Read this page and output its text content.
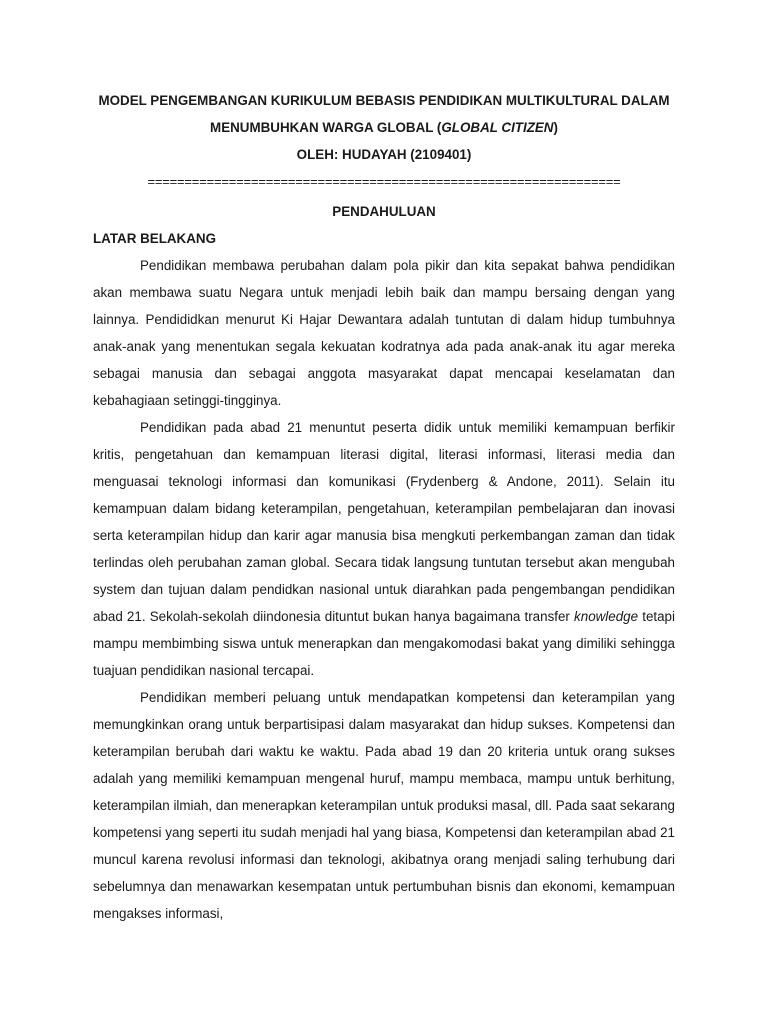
MODEL PENGEMBANGAN KURIKULUM BEBASIS PENDIDIKAN MULTIKULTURAL DALAM
MENUMBUHKAN WARGA GLOBAL (GLOBAL CITIZEN)
OLEH: HUDAYAH (2109401)
================================================================
PENDAHULUAN
LATAR BELAKANG

Pendidikan membawa perubahan dalam pola pikir dan kita sepakat bahwa pendidikan akan membawa suatu Negara untuk menjadi lebih baik dan mampu bersaing dengan yang lainnya. Pendididkan menurut Ki Hajar Dewantara adalah tuntutan di dalam hidup tumbuhnya anak-anak yang menentukan segala kekuatan kodratnya ada pada anak-anak itu agar mereka sebagai manusia dan sebagai anggota masyarakat dapat mencapai keselamatan dan kebahagiaan setinggi-tingginya.

Pendidikan pada abad 21 menuntut peserta didik untuk memiliki kemampuan berfikir kritis, pengetahuan dan kemampuan literasi digital, literasi informasi, literasi media dan menguasai teknologi informasi dan komunikasi (Frydenberg & Andone, 2011). Selain itu kemampuan dalam bidang keterampilan, pengetahuan, keterampilan pembelajaran dan inovasi serta keterampilan hidup dan karir agar manusia bisa mengkuti perkembangan zaman dan tidak terlindas oleh perubahan zaman global. Secara tidak langsung tuntutan tersebut akan mengubah system dan tujuan dalam pendidkan nasional untuk diarahkan pada pengembangan pendidikan abad 21. Sekolah-sekolah diindonesia dituntut bukan hanya bagaimana transfer knowledge tetapi mampu membimbing siswa untuk menerapkan dan mengakomodasi bakat yang dimiliki sehingga tuajuan pendidikan nasional tercapai.

Pendidikan memberi peluang untuk mendapatkan kompetensi dan keterampilan yang memungkinkan orang untuk berpartisipasi dalam masyarakat dan hidup sukses. Kompetensi dan keterampilan berubah dari waktu ke waktu. Pada abad 19 dan 20 kriteria untuk orang sukses adalah yang memiliki kemampuan mengenal huruf, mampu membaca, mampu untuk berhitung, keterampilan ilmiah, dan menerapkan keterampilan untuk produksi masal, dll. Pada saat sekarang kompetensi yang seperti itu sudah menjadi hal yang biasa, Kompetensi dan keterampilan abad 21 muncul karena revolusi informasi dan teknologi, akibatnya orang menjadi saling terhubung dari sebelumnya dan menawarkan kesempatan untuk pertumbuhan bisnis dan ekonomi, kemampuan mengakses informasi,
